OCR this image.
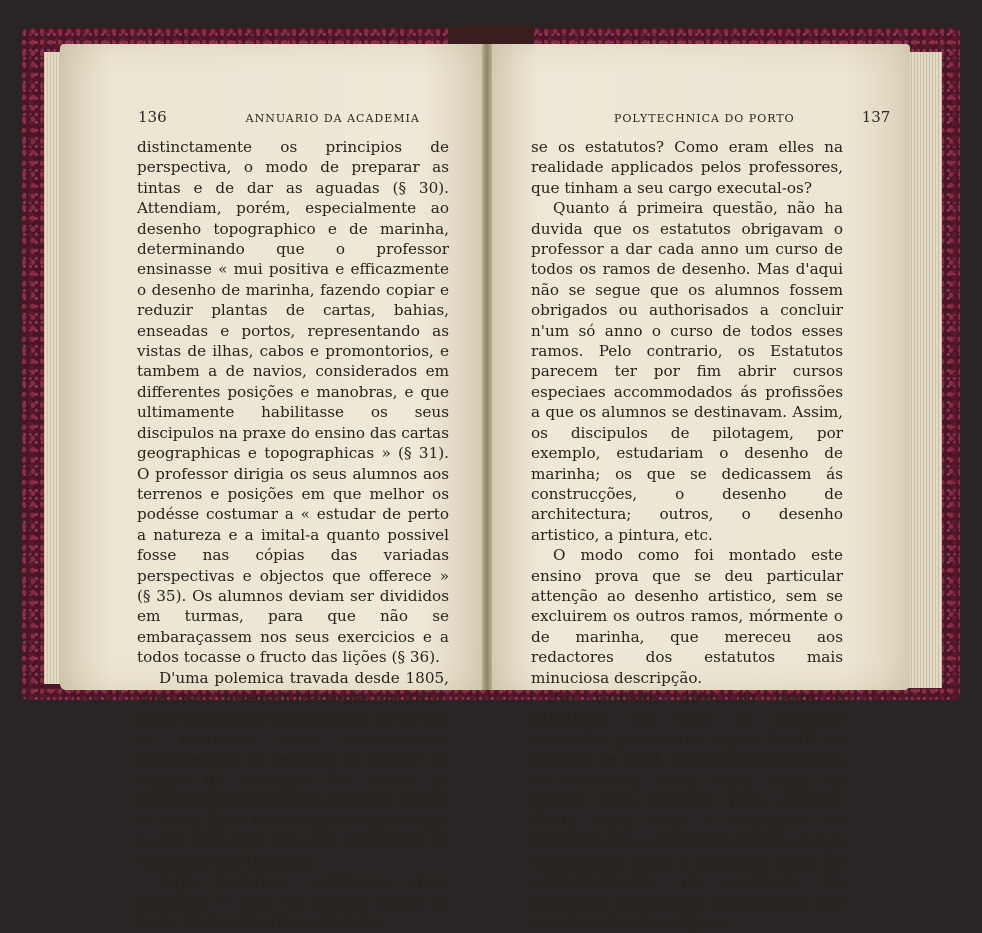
136	ANNUARIO DA ACADEMIA	POLYTECHNICA DO PORTO	137

distinctamente os principios de perspectiva, o modo de preparar as tintas e de dar as aguadas (§ 30). Attendiam, porém, especialmente ao desenho topographico e de marinha, determinando que o professor ensinasse « mui positiva e efficazmente o desenho de marinha, fazendo copiar e reduzir plantas de cartas, bahias, enseadas e portos, representando as vistas de ilhas, cabos e promontorios, e tambem a de navios, considerados em differentes posições e manobras, e que ultimamente habilitasse os seus discipulos na praxe do ensino das cartas geographicas e topographicas » (§ 31). O professor dirigia os seus alumnos aos terrenos e posições em que melhor os podésse costumar a « estudar de perto a natureza e a imital-a quanto possivel fosse nas cópias das variadas perspectivas e objectos que offerece » (§ 35). Os alumnos deviam ser divididos em turmas, para que não se embaraçassem nos seus exercicios e a todos tocasse o fructo das lições (§ 36).

D'uma polemica travada desde 1805, mas mais desenvolvidamente em 1811, sobre a votação dos premios, vê-se que os estatutos eram diversamente interpretados a respeito da indole do ensino do desenho. Os lentes de mathematica entendiam que este ensino se devia fazer todo n'um só anno e que o seu principal fim era despertar as vocações dos alumnos.

Aqui poderiam ventilar-se duas questões — uma de direito, outra de facto. Como deveriam entender-

se os estatutos? Como eram elles na realidade applicados pelos professores, que tinham a seu cargo executal-os?

Quanto á primeira questão, não ha duvida que os estatutos obrigavam o professor a dar cada anno um curso de todos os ramos de desenho. Mas d'aqui não se segue que os alumnos fossem obrigados ou authorisados a concluir n'um só anno o curso de todos esses ramos. Pelo contrario, os Estatutos parecem ter por fim abrir cursos especiaes accommodados ás profissões a que os alumnos se destinavam. Assim, os discipulos de pilotagem, por exemplo, estudariam o desenho de marinha; os que se dedicassem ás construcções, o desenho de architectura; outros, o desenho artistico, a pintura, etc.

O modo como foi montado este ensino prova que se deu particular attenção ao desenho artistico, sem se excluirem os outros ramos, mórmente o de marinha, que mereceu aos redactores dos estatutos mais minuciosa descripção.

Na verdade, além do lente e substituto da aula de desenho nomeados por cartas regias de 18 de outubro de 1803, em conformidade com os estatutos, outra carta regia da mesma data nomeou para director d'esta aula, com o ordenado de 600$000 reis, a Francisco Vieira, que já conhecemos como o professor antes do estabelecimento da academia de marinha e commercio. Os estatutos não mencionam este cargo; e
